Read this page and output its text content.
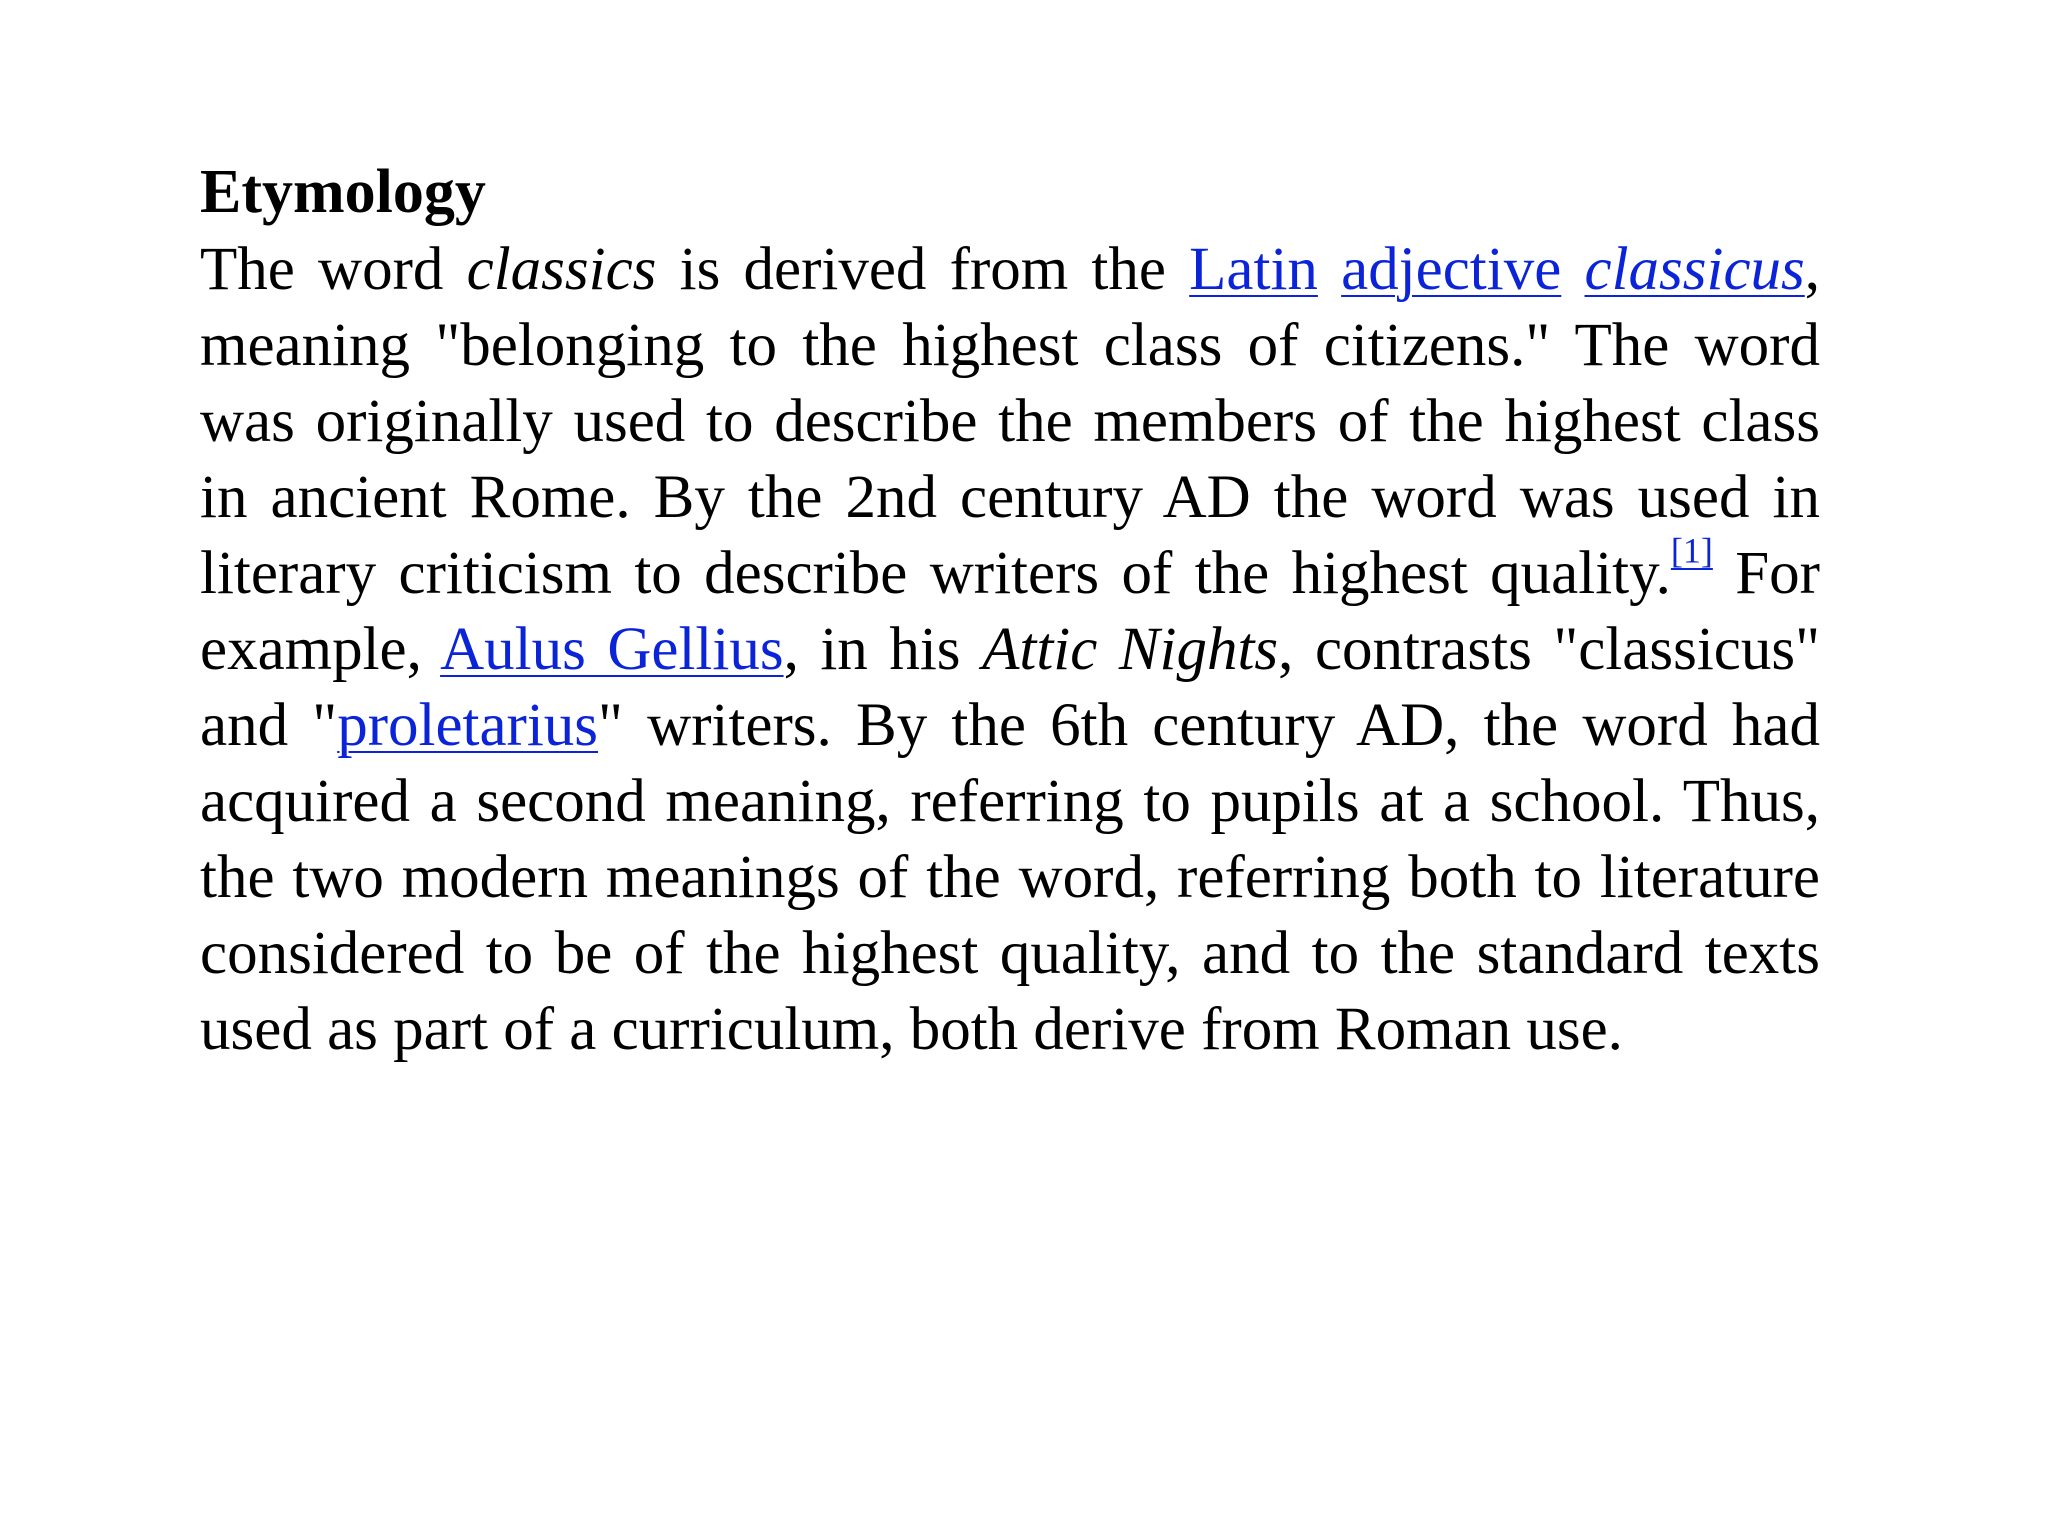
Etymology

The word classics is derived from the Latin adjective classicus, meaning "belonging to the highest class of citizens." The word was originally used to describe the members of the highest class in ancient Rome. By the 2nd century AD the word was used in literary criticism to describe writers of the highest quality.[1] For example, Aulus Gellius, in his Attic Nights, contrasts "classicus" and "proletarius" writers. By the 6th century AD, the word had acquired a second meaning, referring to pupils at a school. Thus, the two modern meanings of the word, referring both to literature considered to be of the highest quality, and to the standard texts used as part of a curriculum, both derive from Roman use.
